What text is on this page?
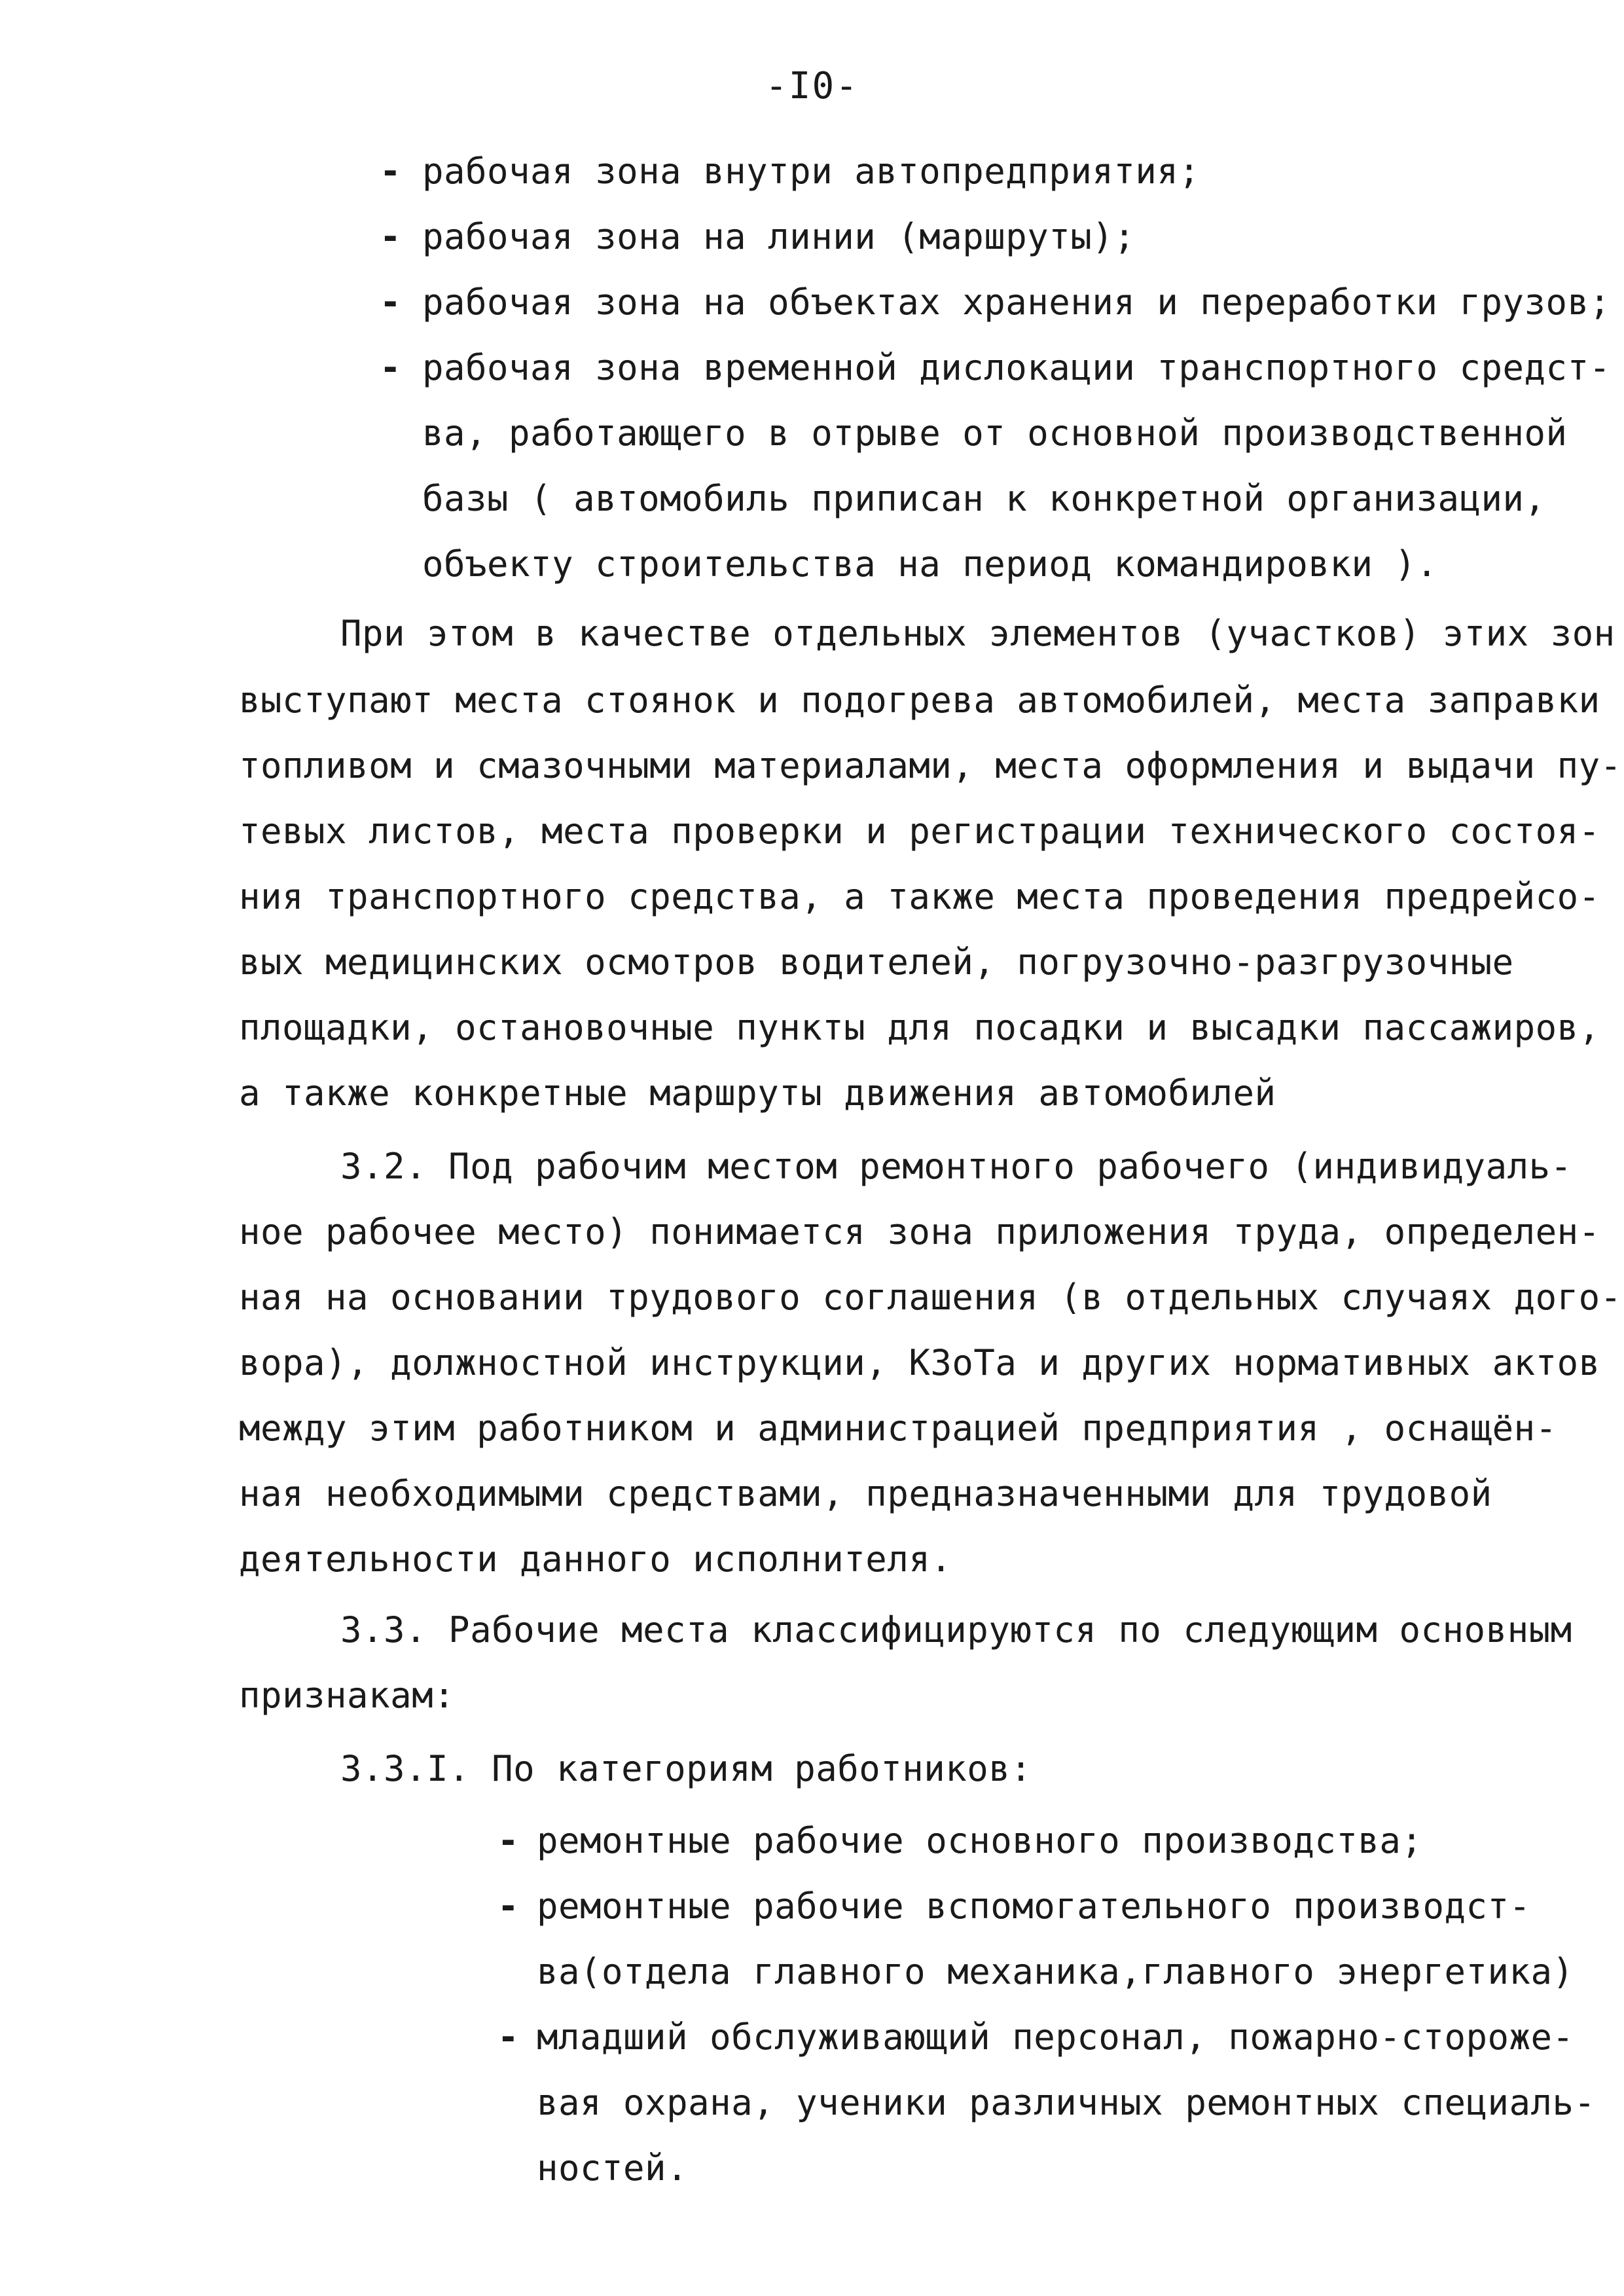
-I0-
- рабочая зона внутри автопредприятия;
- рабочая зона на линии (маршруты);
- рабочая зона на объектах хранения и переработки грузов;
- рабочая зона временной дислокации транспортного средст-
ва, работающего в отрыве от основной производственной
базы ( автомобиль приписан к конкретной организации,
объекту строительства на период командировки ).
При этом в качестве отдельных элементов (участков) этих зон
выступают места стоянок и подогрева автомобилей, места заправки
топливом и смазочными материалами, места оформления и выдачи пу-
тевых листов, места проверки и регистрации технического состоя-
ния транспортного средства, а также места проведения предрейсо-
вых медицинских осмотров водителей, погрузочно-разгрузочные
площадки, остановочные пункты для посадки и высадки пассажиров,
а также конкретные маршруты движения автомобилей
3.2. Под рабочим местом ремонтного рабочего (индивидуаль-
ное рабочее место) понимается зона приложения труда, определен-
ная на основании трудового соглашения (в отдельных случаях дого-
вора), должностной инструкции, КЗоТа и других нормативных актов
между этим работником и администрацией предприятия , оснащён-
ная необходимыми средствами, предназначенными для трудовой
деятельности данного исполнителя.
3.3. Рабочие места классифицируются по следующим основным
признакам:
3.3.I. По категориям работников:
- ремонтные рабочие основного производства;
- ремонтные рабочие вспомогательного производст-
ва(отдела главного механика,главного энергетика)
- младший обслуживающий персонал, пожарно-стороже-
вая охрана, ученики различных ремонтных специаль-
ностей.
